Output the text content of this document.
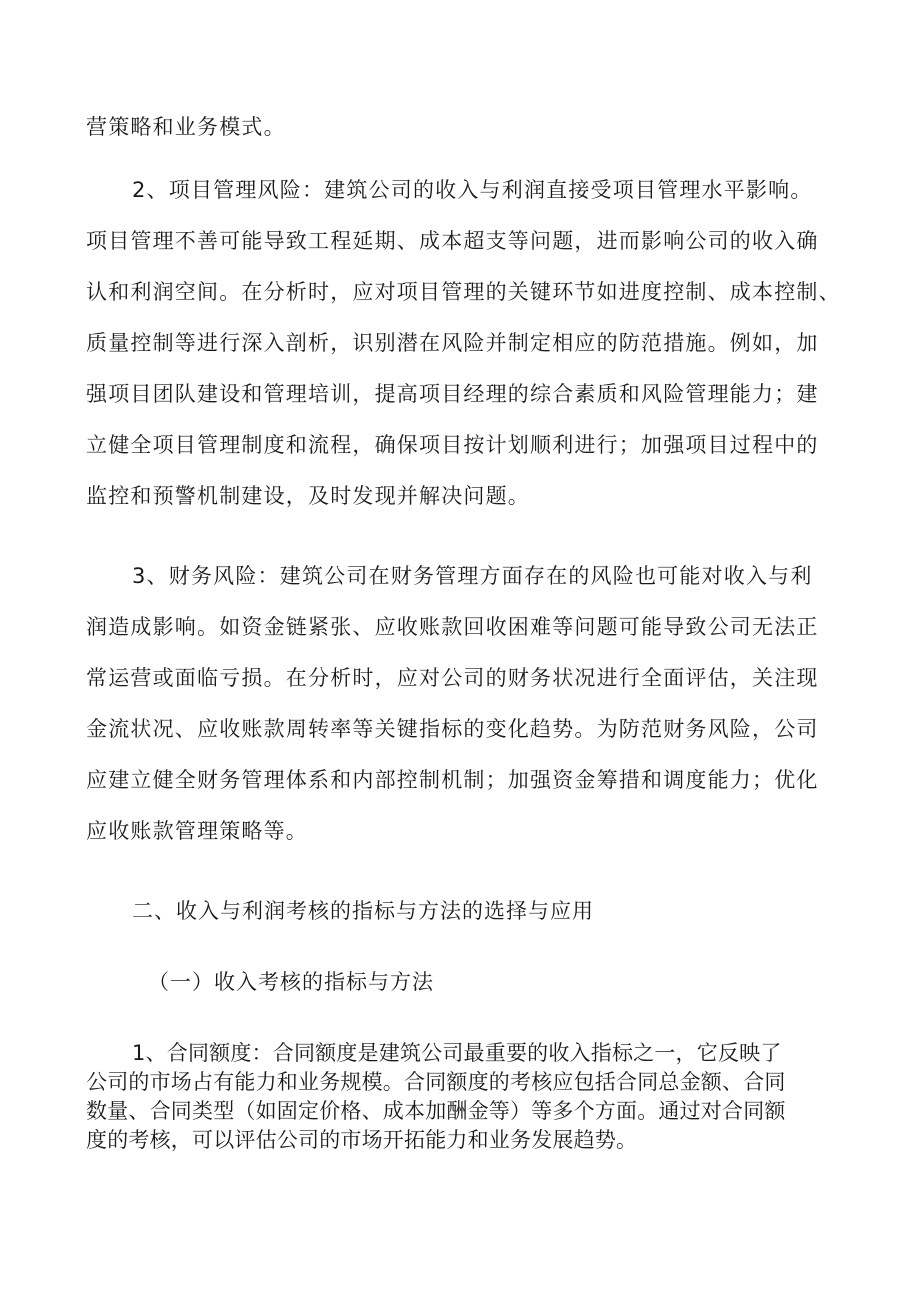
营策略和业务模式。
2、项目管理风险：建筑公司的收入与利润直接受项目管理水平影响。
项目管理不善可能导致工程延期、成本超支等问题，进而影响公司的收入确
认和利润空间。在分析时，应对项目管理的关键环节如进度控制、成本控制、
质量控制等进行深入剖析，识别潜在风险并制定相应的防范措施。例如，加
强项目团队建设和管理培训，提高项目经理的综合素质和风险管理能力；建
立健全项目管理制度和流程，确保项目按计划顺利进行；加强项目过程中的
监控和预警机制建设，及时发现并解决问题。
3、财务风险：建筑公司在财务管理方面存在的风险也可能对收入与利
润造成影响。如资金链紧张、应收账款回收困难等问题可能导致公司无法正
常运营或面临亏损。在分析时，应对公司的财务状况进行全面评估，关注现
金流状况、应收账款周转率等关键指标的变化趋势。为防范财务风险，公司
应建立健全财务管理体系和内部控制机制；加强资金筹措和调度能力；优化
应收账款管理策略等。
二、收入与利润考核的指标与方法的选择与应用
（一）收入考核的指标与方法
1、合同额度：合同额度是建筑公司最重要的收入指标之一，它反映了
公司的市场占有能力和业务规模。合同额度的考核应包括合同总金额、合同
数量、合同类型（如固定价格、成本加酬金等）等多个方面。通过对合同额
度的考核，可以评估公司的市场开拓能力和业务发展趋势。
